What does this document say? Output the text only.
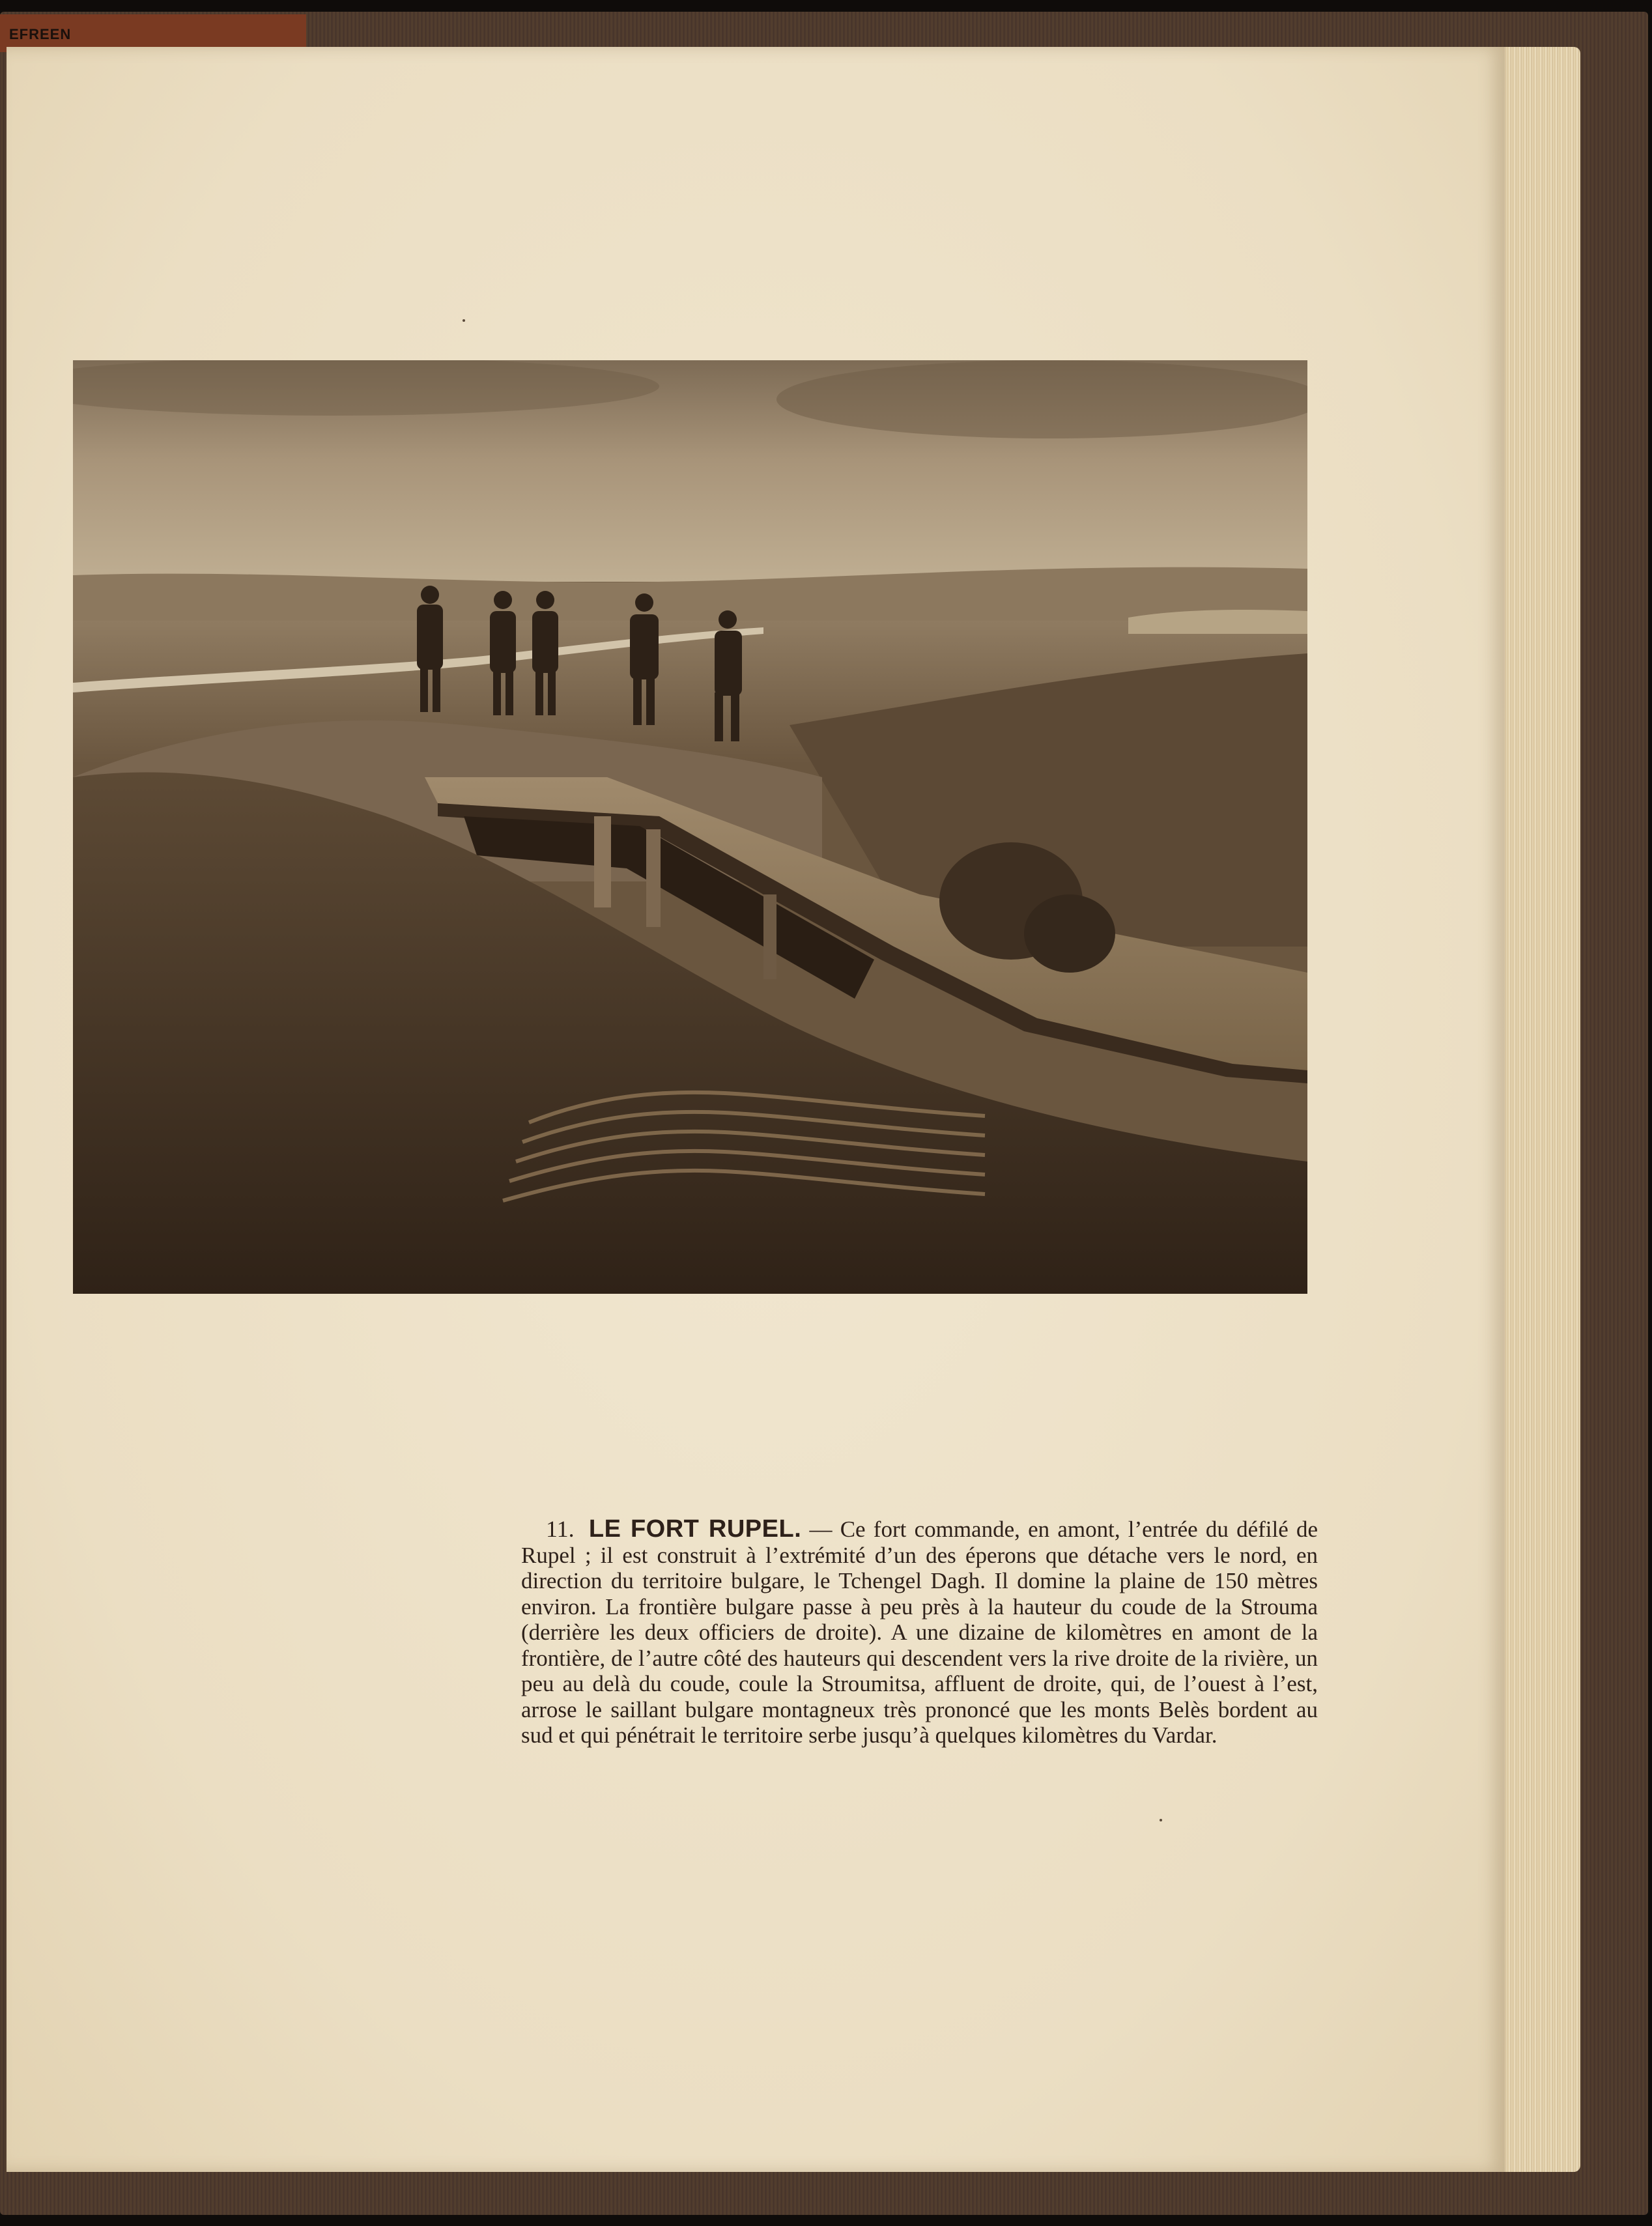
EFREEN
11. LE FORT RUPEL. — Ce fort commande, en amont, l’entrée du défilé de Rupel ; il est construit à l’extrémité d’un des éperons que détache vers le nord, en direction du territoire bulgare, le Tchengel Dagh. Il domine la plaine de 150 mètres environ. La frontière bulgare passe à peu près à la hauteur du coude de la Strouma (derrière les deux officiers de droite). A une dizaine de kilomètres en amont de la frontière, de l’autre côté des hauteurs qui descendent vers la rive droite de la rivière, un peu au delà du coude, coule la Stroumitsa, affluent de droite, qui, de l’ouest à l’est, arrose le saillant bulgare montagneux très prononcé que les monts Belès bordent au sud et qui pénétrait le territoire serbe jusqu’à quelques kilomètres du Vardar.
